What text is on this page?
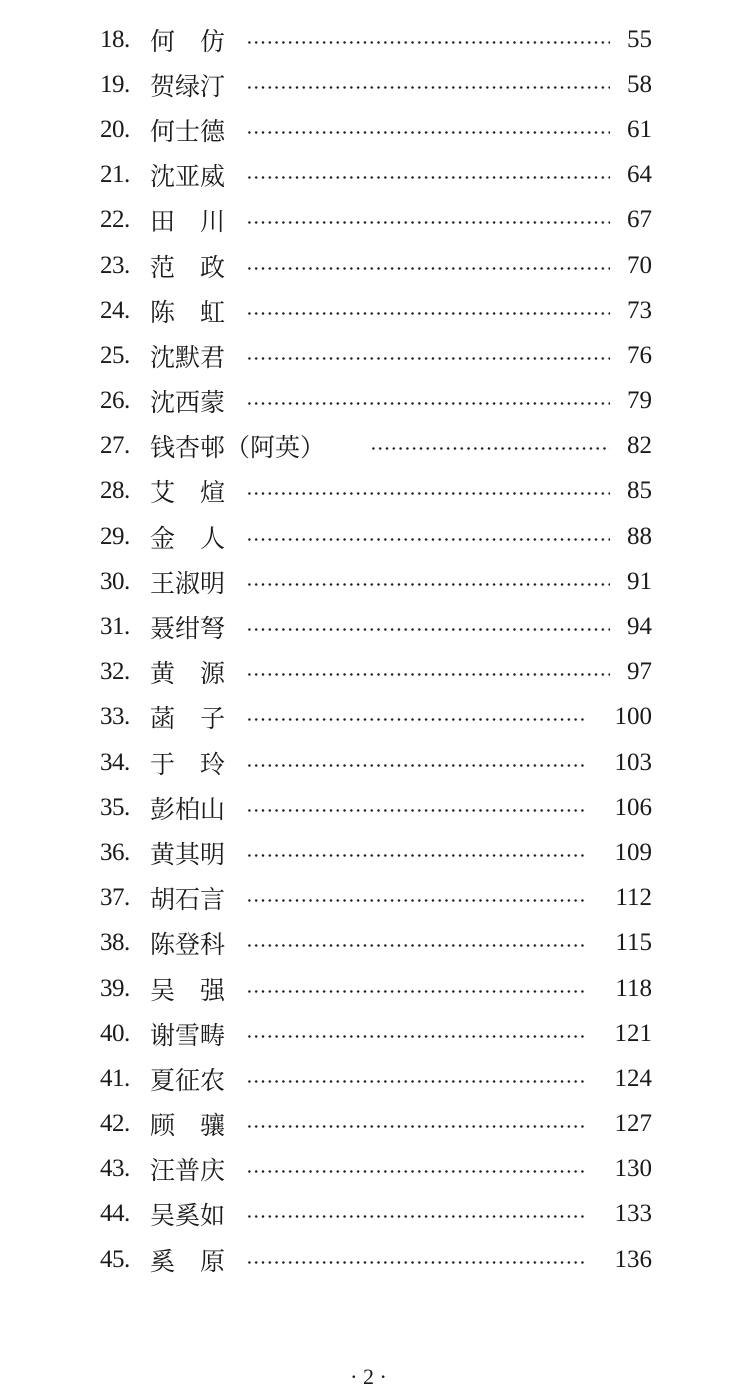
18. 何　仿	55
19. 贺绿汀	58
20. 何士德	61
21. 沈亚威	64
22. 田　川	67
23. 范　政	70
24. 陈　虹	73
25. 沈默君	76
26. 沈西蒙	79
27. 钱杏邨（阿英）	82
28. 艾　煊	85
29. 金　人	88
30. 王淑明	91
31. 聂绀弩	94
32. 黄　源	97
33. 菡　子	100
34. 于　玲	103
35. 彭柏山	106
36. 黄其明	109
37. 胡石言	112
38. 陈登科	115
39. 吴　强	118
40. 谢雪畴	121
41. 夏征农	124
42. 顾　骧	127
43. 汪普庆	130
44. 吴奚如	133
45. 奚　原	136
· 2 ·
